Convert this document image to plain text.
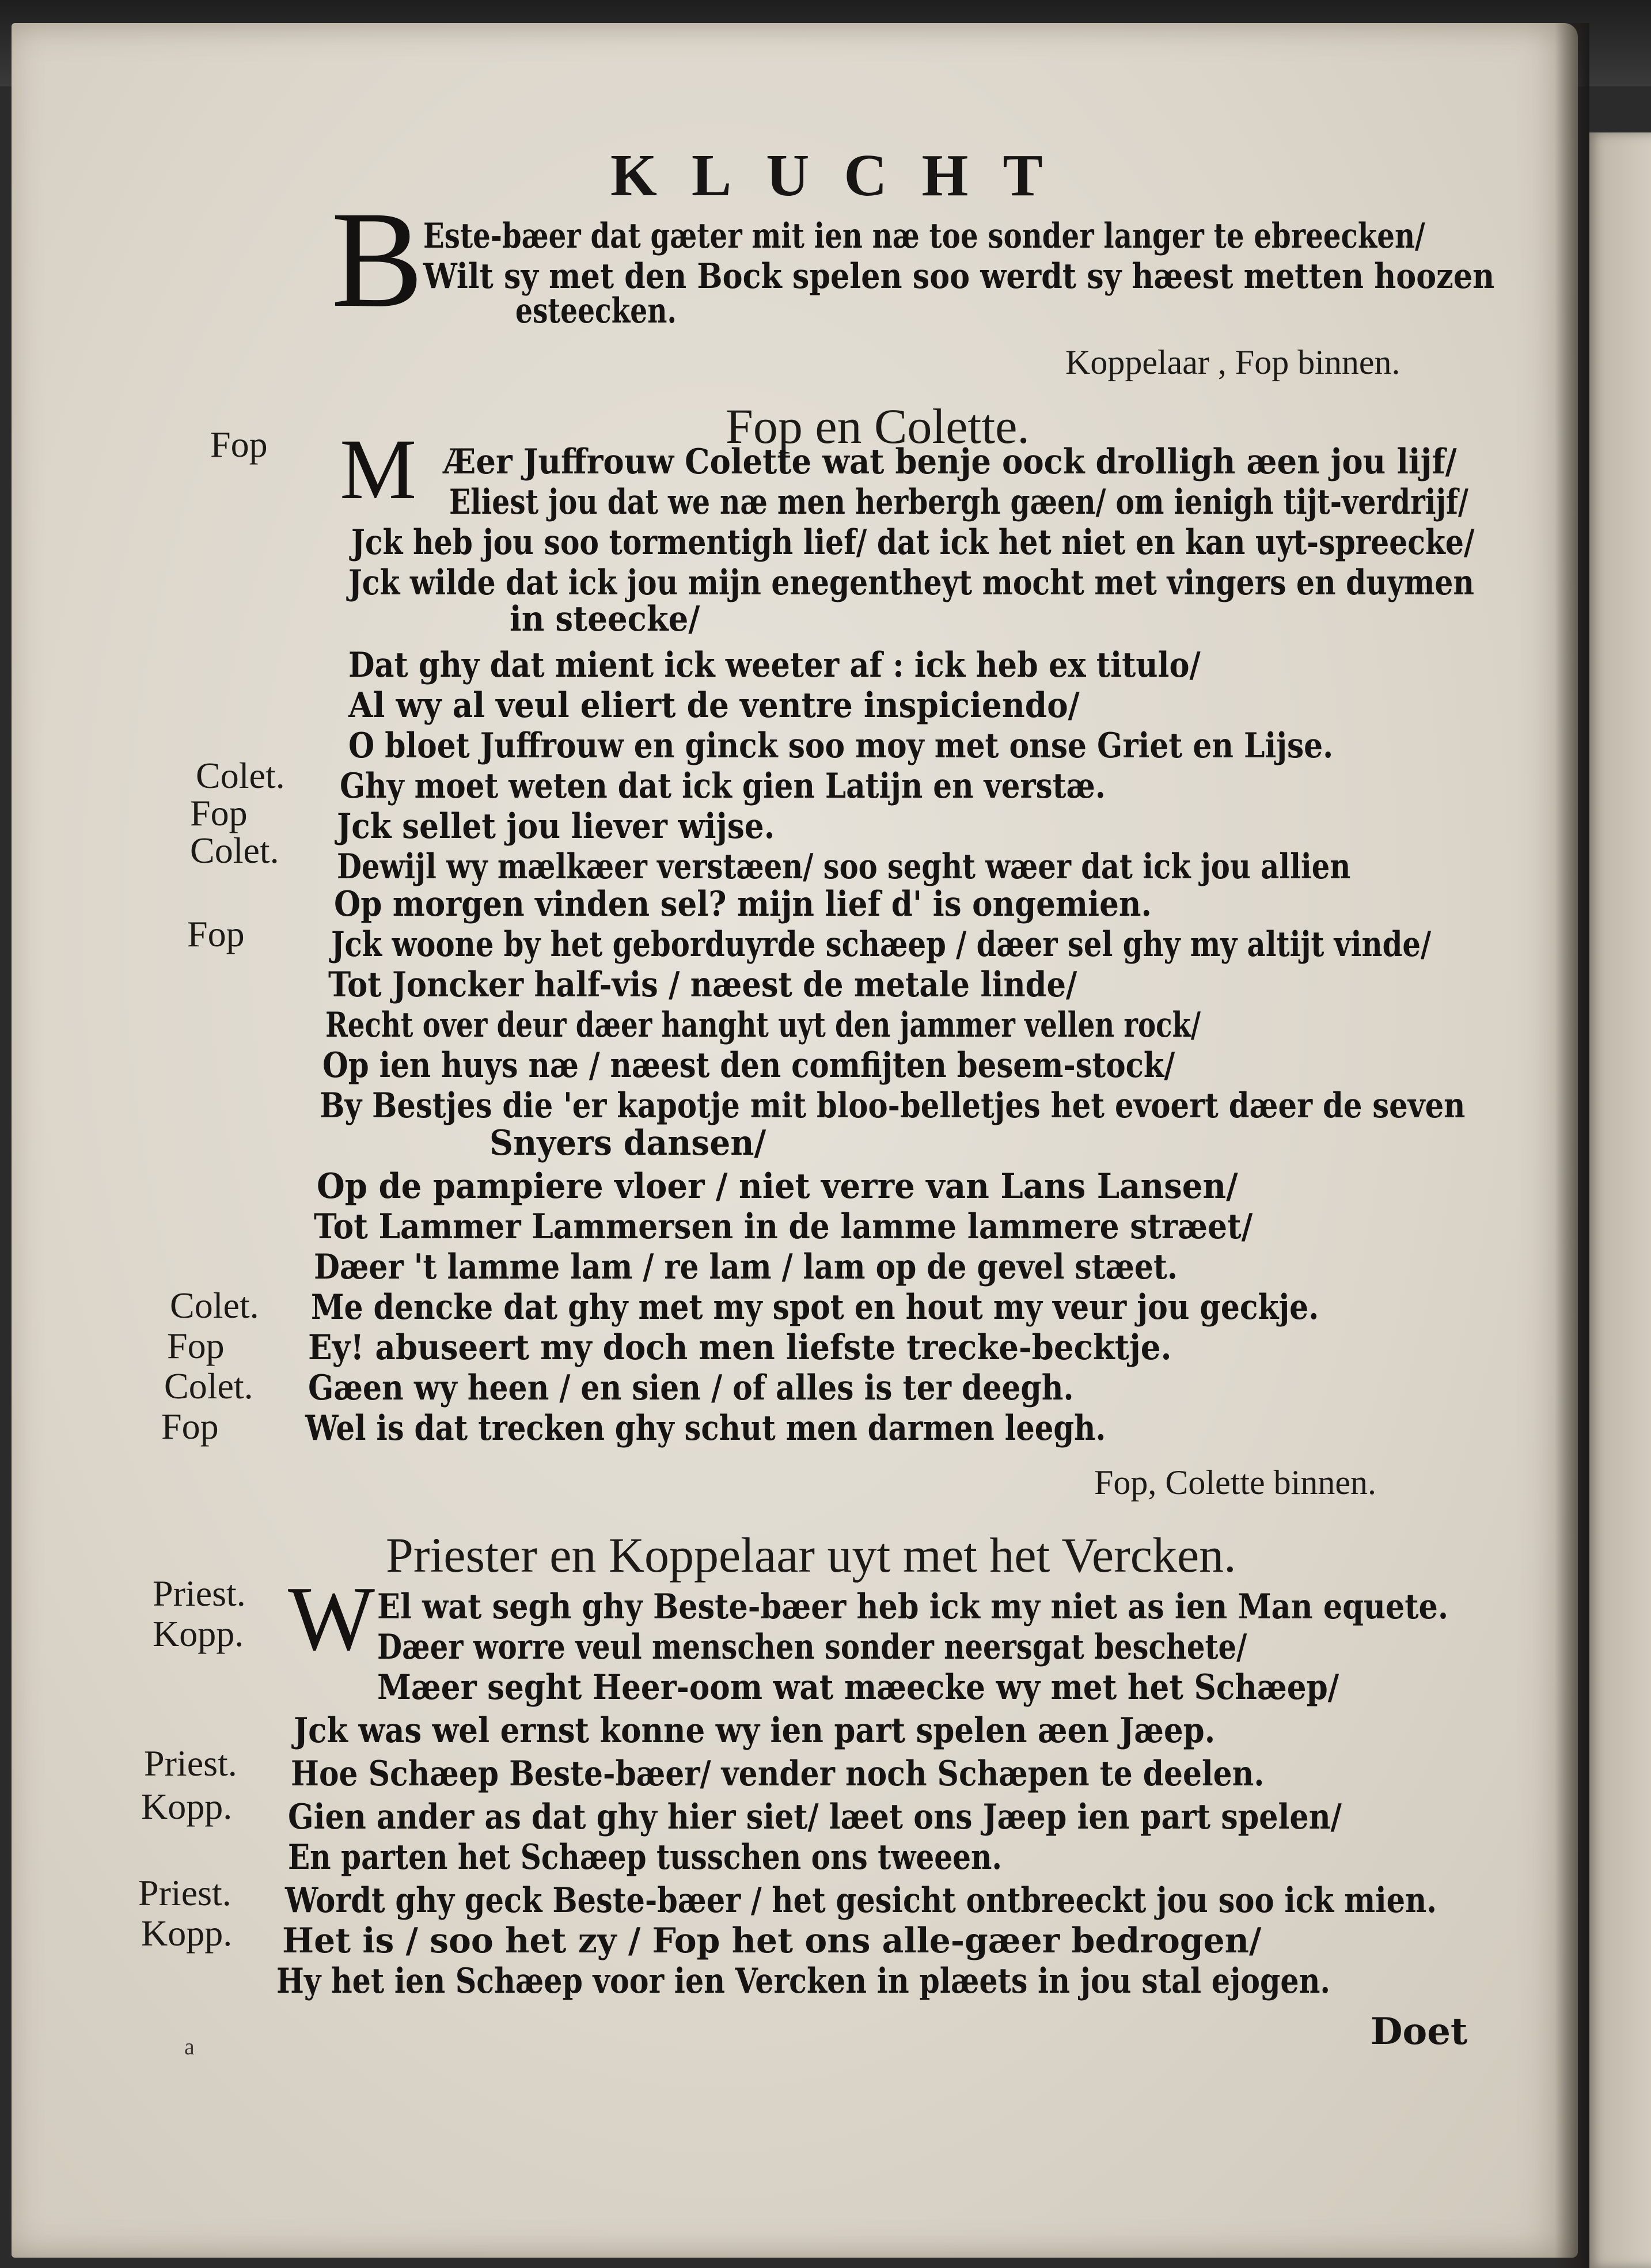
KLUCHT
B Este-bæer dat gæter mit ien næ toe sonder langer te ebreecken/
Wilt sy met den Bock spelen soo werdt sy hæest metten hoozen
esteecken.
Koppelaar , Fop binnen.
Fop en Colette.
M
Fop
Colet.
Fop
Colet.
Fop
Colet.
Fop
Colet.
Fop
Æer Juffrouw Colette wat benje oock drolligh æen jou lijf/
Eliest jou dat we næ men herbergh gæen/ om ienigh tijt-verdrijf/
Jck heb jou soo tormentigh lief/ dat ick het niet en kan uyt-spreecke/
Jck wilde dat ick jou mijn enegentheyt mocht met vingers en duymen
in steecke/
Dat ghy dat mient ick weeter af : ick heb ex titulo/
Al wy al veul eliert de ventre inspiciendo/
O bloet Juffrouw en ginck soo moy met onse Griet en Lijse.
Ghy moet weten dat ick gien Latijn en verstæ.
Jck sellet jou liever wijse.
Dewijl wy mælkæer verstæen/ soo seght wæer dat ick jou allien
Op morgen vinden sel? mijn lief d' is ongemien.
Jck woone by het geborduyrde schæep / dæer sel ghy my altijt vinde/
Tot Joncker half-vis / næest de metale linde/
Recht over deur dæer hanght uyt den jammer vellen rock/
Op ien huys næ / næest den comfijten besem-stock/
By Bestjes die 'er kapotje mit bloo-belletjes het evoert dæer de seven
Snyers dansen/
Op de pampiere vloer / niet verre van Lans Lansen/
Tot Lammer Lammersen in de lamme lammere stræet/
Dæer 't lamme lam / re lam / lam op de gevel stæet.
Me dencke dat ghy met my spot en hout my veur jou geckje.
Ey! abuseert my doch men liefste trecke-becktje.
Gæen wy heen / en sien / of alles is ter deegh.
Wel is dat trecken ghy schut men darmen leegh.
Fop, Colette binnen.
Priester en Koppelaar uyt met het Vercken.
W
Priest.
Kopp.
Priest.
Kopp.
Priest.
Kopp.
El wat segh ghy Beste-bæer heb ick my niet as ien Man equete.
Dæer worre veul menschen sonder neersgat beschete/
Mæer seght Heer-oom wat mæecke wy met het Schæep/
Jck was wel ernst konne wy ien part spelen æen Jæep.
Hoe Schæep Beste-bæer/ vender noch Schæpen te deelen.
Gien ander as dat ghy hier siet/ læet ons Jæep ien part spelen/
En parten het Schæep tusschen ons tweeen.
Wordt ghy geck Beste-bæer / het gesicht ontbreeckt jou soo ick mien.
Het is / soo het zy / Fop het ons alle-gæer bedrogen/
Hy het ien Schæep voor ien Vercken in plæets in jou stal ejogen.
a	Doet
